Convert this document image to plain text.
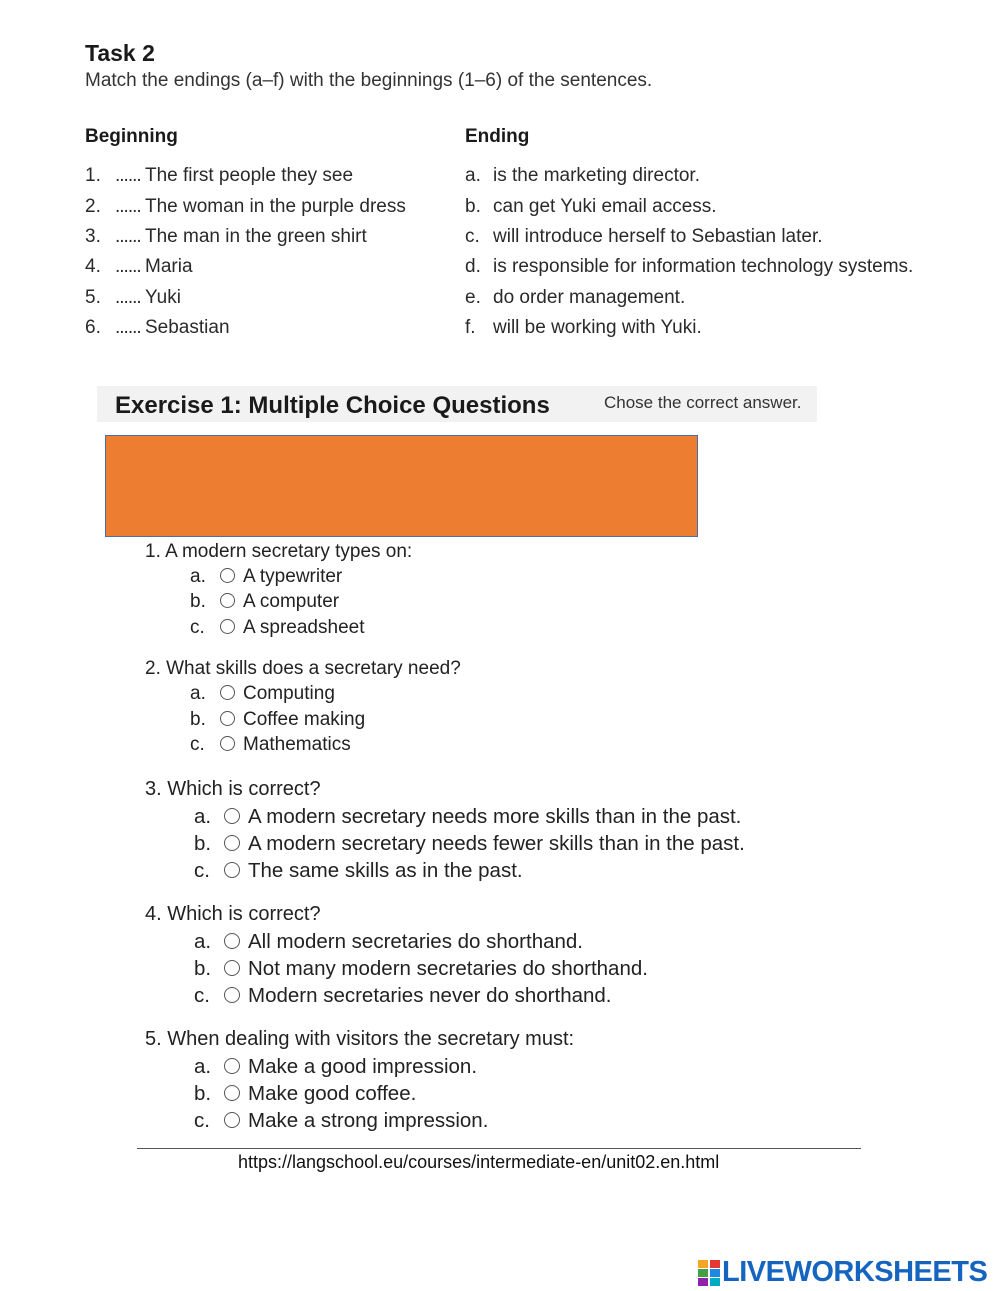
Task 2
Match the endings (a–f) with the beginnings (1–6) of the sentences.
Beginning	Ending
1. ...... The first people they see
2. ...... The woman in the purple dress
3. ...... The man in the green shirt
4. ...... Maria
5. ...... Yuki
6. ...... Sebastian
a. is the marketing director.
b. can get Yuki email access.
c. will introduce herself to Sebastian later.
d. is responsible for information technology systems.
e. do order management.
f. will be working with Yuki.
Exercise 1: Multiple Choice Questions	Chose the correct answer.
1. A modern secretary types on:
a. A typewriter
b. A computer
c. A spreadsheet
2. What skills does a secretary need?
a. Computing
b. Coffee making
c. Mathematics
3. Which is correct?
a. A modern secretary needs more skills than in the past.
b. A modern secretary needs fewer skills than in the past.
c. The same skills as in the past.
4. Which is correct?
a. All modern secretaries do shorthand.
b. Not many modern secretaries do shorthand.
c. Modern secretaries never do shorthand.
5. When dealing with visitors the secretary must:
a. Make a good impression.
b. Make good coffee.
c. Make a strong impression.
https://langschool.eu/courses/intermediate-en/unit02.en.html
LIVEWORKSHEETS
